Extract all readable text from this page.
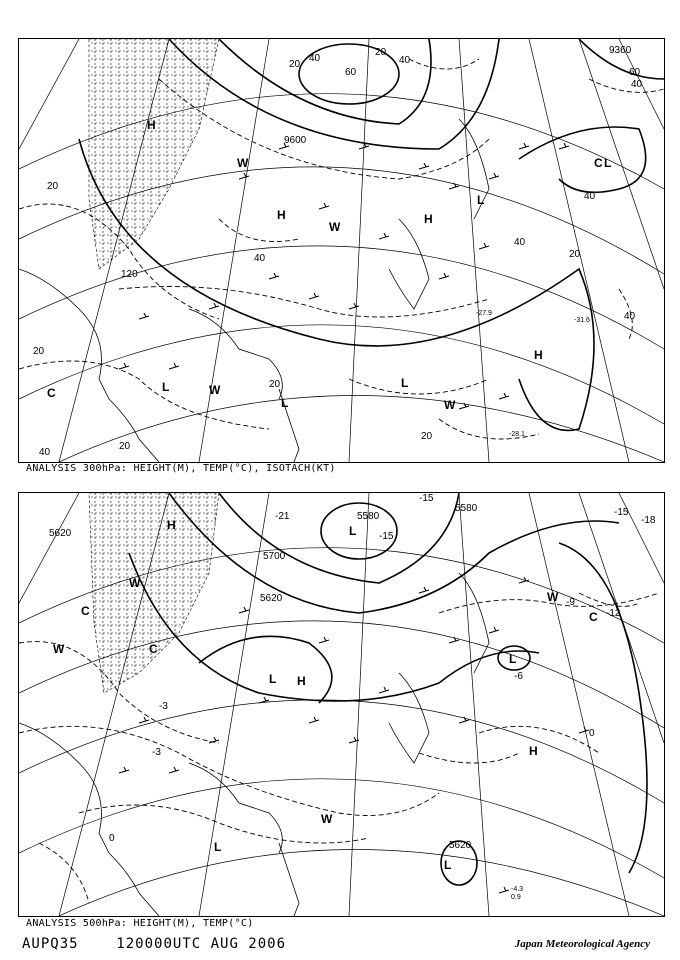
9360
9600
20
20
20
20
20
20
20
20
40	40
40
40
40
40
40
40
60	60
120
-27.9
-31.6
-28.1
H	H
H
H
L
L
L
L
L
C
C
W
W
W
W
ANALYSIS 300hPa: HEIGHT(M), TEMP(°C), ISOTACH(KT)
5580
5580
5620
5620
5620
5700
-21	-18
-15
-15
-15
-12
-9
-6
-3
-3
0
0
-4.3
0.9
H
H
H
L
L
L
L
L
C	C
C
W
W
W
W
ANALYSIS 500hPa: HEIGHT(M), TEMP(°C)
AUPQ35	120000UTC AUG 2006	Japan Meteorological Agency
